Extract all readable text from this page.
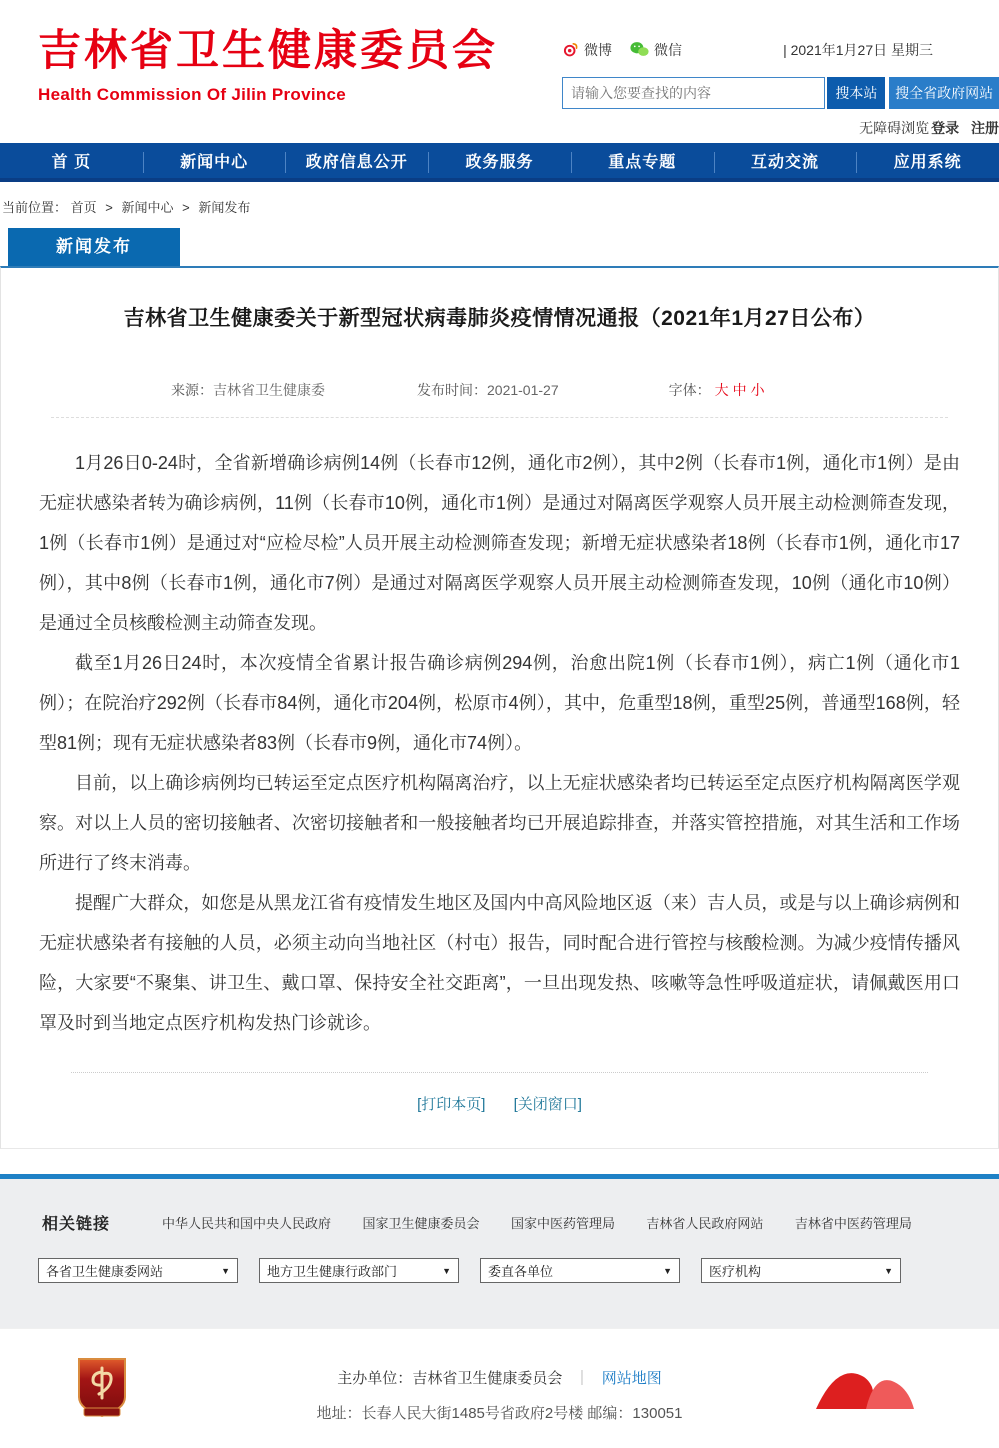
吉林省卫生健康委员会
Health Commission Of Jilin Province
微博	微信	| 2021年1月27日 星期三
请输入您要查找的内容
搜本站	搜全省政府网站
无障碍浏览 登录 注册
首 页	新闻中心	政府信息公开	政务服务	重点专题	互动交流	应用系统
当前位置： 首页 > 新闻中心 > 新闻发布
新闻发布
吉林省卫生健康委关于新型冠状病毒肺炎疫情情况通报（2021年1月27日公布）
来源：吉林省卫生健康委	发布时间：2021-01-27	字体： 大 中 小

1月26日0-24时，全省新增确诊病例14例（长春市12例，通化市2例），其中2例（长春市1例，通化市1例）是由无症状感染者转为确诊病例，11例（长春市10例，通化市1例）是通过对隔离医学观察人员开展主动检测筛查发现，1例（长春市1例）是通过对“应检尽检”人员开展主动检测筛查发现；新增无症状感染者18例（长春市1例，通化市17例），其中8例（长春市1例，通化市7例）是通过对隔离医学观察人员开展主动检测筛查发现，10例（通化市10例）是通过全员核酸检测主动筛查发现。

截至1月26日24时，本次疫情全省累计报告确诊病例294例，治愈出院1例（长春市1例），病亡1例（通化市1例）；在院治疗292例（长春市84例，通化市204例，松原市4例），其中，危重型18例，重型25例，普通型168例，轻型81例；现有无症状感染者83例（长春市9例，通化市74例）。

目前，以上确诊病例均已转运至定点医疗机构隔离治疗，以上无症状感染者均已转运至定点医疗机构隔离医学观察。对以上人员的密切接触者、次密切接触者和一般接触者均已开展追踪排查，并落实管控措施，对其生活和工作场所进行了终末消毒。

提醒广大群众，如您是从黑龙江省有疫情发生地区及国内中高风险地区返（来）吉人员，或是与以上确诊病例和无症状感染者有接触的人员，必须主动向当地社区（村屯）报告，同时配合进行管控与核酸检测。为减少疫情传播风险，大家要“不聚集、讲卫生、戴口罩、保持安全社交距离”，一旦出现发热、咳嗽等急性呼吸道症状，请佩戴医用口罩及时到当地定点医疗机构发热门诊就诊。

[打印本页] [关闭窗口]
相关链接	中华人民共和国中央人民政府 国家卫生健康委员会 国家中医药管理局 吉林省人民政府网站 吉林省中医药管理局
各省卫生健康委网站	▼	地方卫生健康行政部门	▼	委直各单位	▼	医疗机构	▼
主办单位：吉林省卫生健康委员会 ｜ 网站地图
地址：长春人民大街1485号省政府2号楼 邮编：130051
